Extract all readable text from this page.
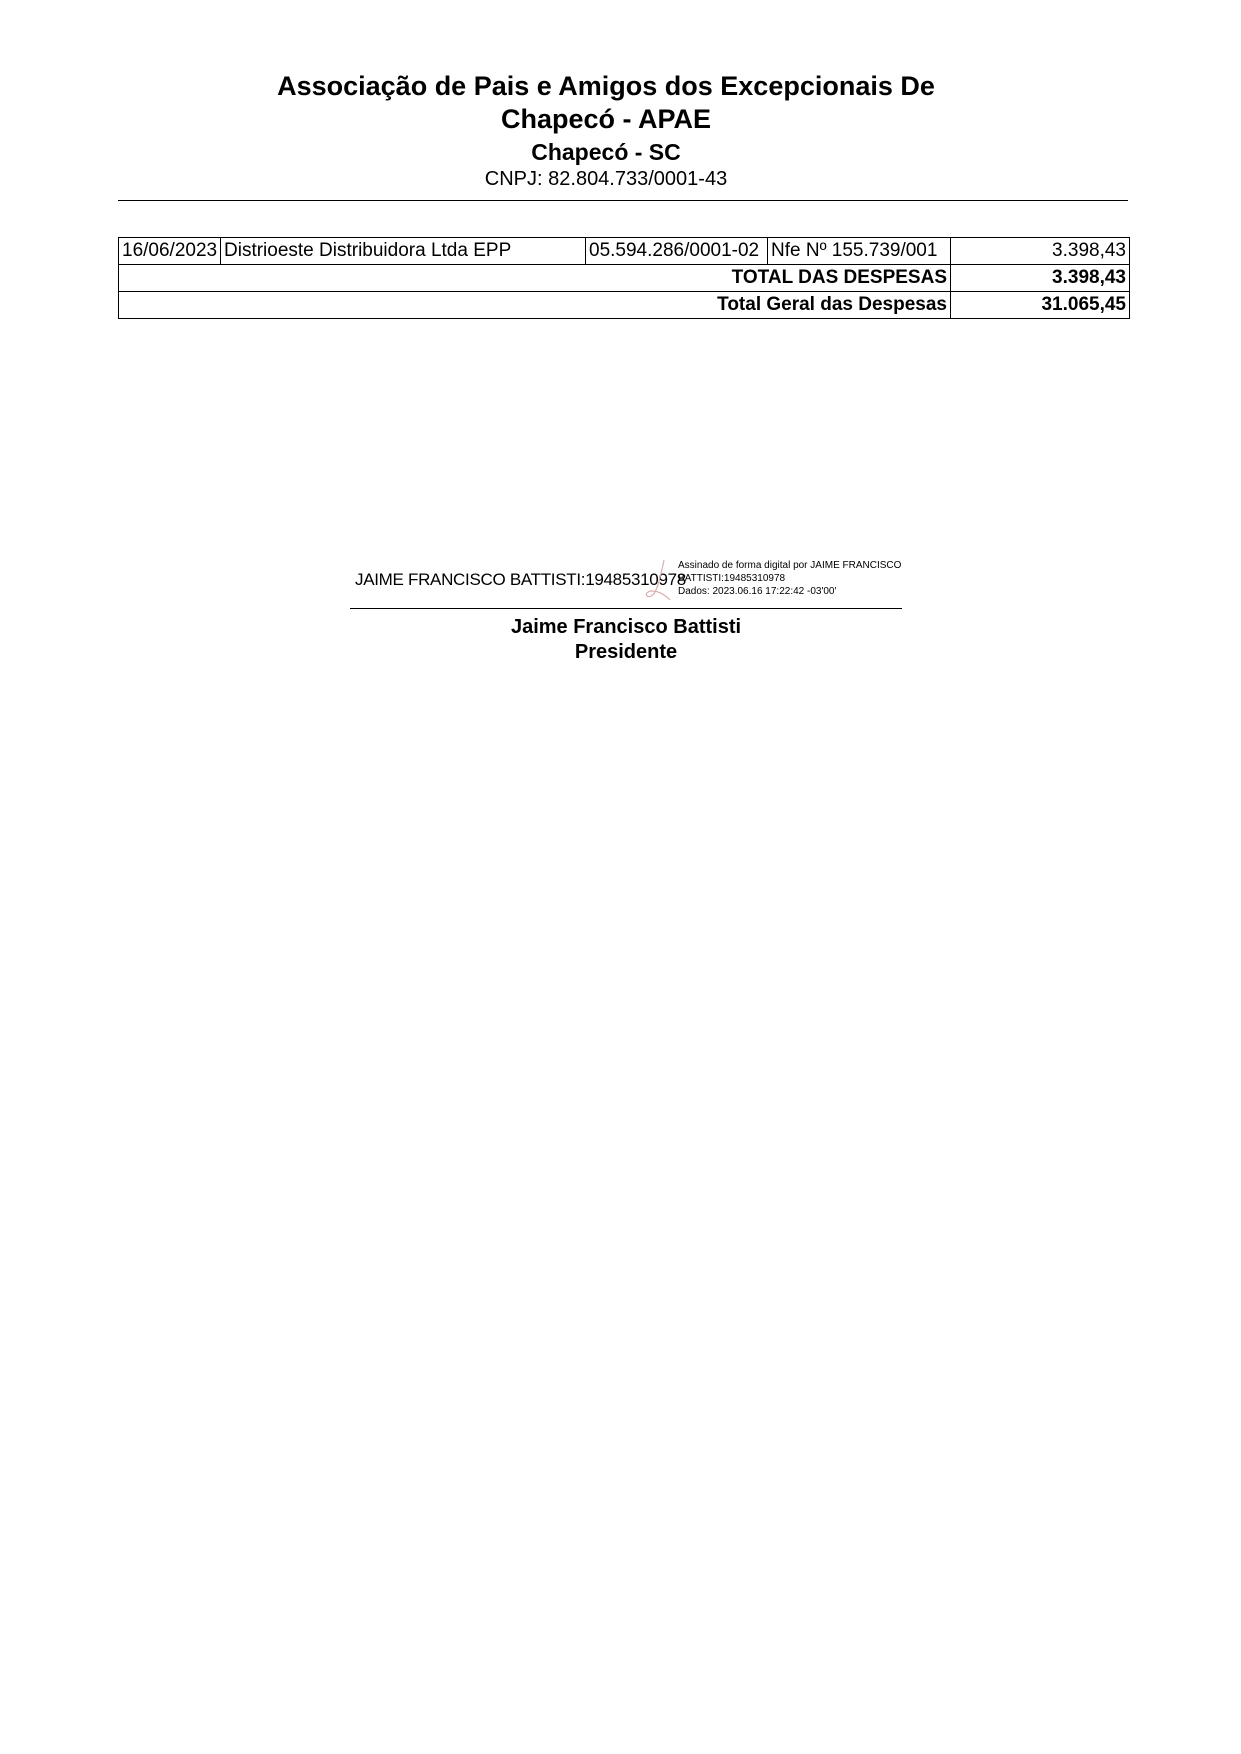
Associação de Pais e Amigos dos Excepcionais De
Chapecó - APAE
Chapecó - SC
CNPJ: 82.804.733/0001-43
16/06/2023	Distrioeste Distribuidora Ltda EPP	05.594.286/0001-02	Nfe Nº 155.739/001	3.398,43
TOTAL DAS DESPESAS				3.398,43
Total Geral das Despesas				31.065,45
JAIME FRANCISCO BATTISTI:19485310978
Assinado de forma digital por JAIME FRANCISCO
BATTISTI:19485310978
Dados: 2023.06.16 17:22:42 -03'00'
Jaime Francisco Battisti
Presidente
